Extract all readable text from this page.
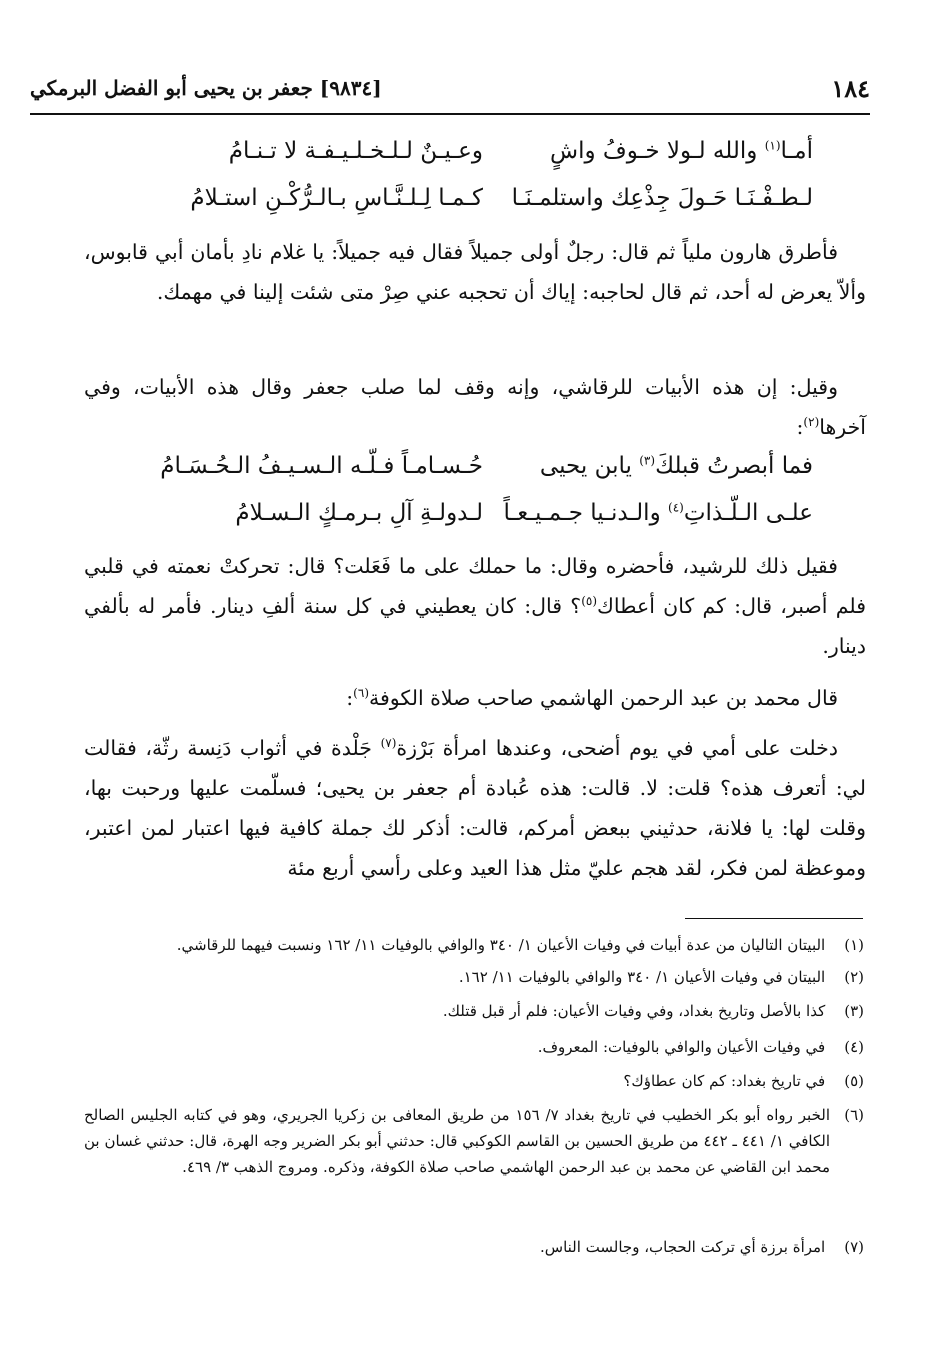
١٨٤
[٩٨٣٤] جعفر بن يحيى أبو الفضل البرمكي
أمـا$^{(١)}$ والله لـولا خـوفُ واشٍ
وعـيـنٌ لـلـخـلـيـفـة لا تـنـامُ
لـطـفْـنَـا حَـولَ جِذْعِك واستلمـنَـا
كـمـا لِـلـنَّـاسِ بـالـرُّكْـنِ استـلامُ
فأطرق هارون ملياً ثم قال: رجلٌ أولى جميلاً فقال فيه جميلاً: يا غلام نادِ بأمان أبي قابوس، وألاّ يعرض له أحد، ثم قال لحاجبه: إياك أن تحجبه عني صِرْ متى شئت إلينا في مهمك.
وقيل: إن هذه الأبيات للرقاشي، وإنه وقف لما صلب جعفر وقال هذه الأبيات، وفي آخرها$^{(٢)}$:
فما أبصرتُ قبلكَ$^{(٣)}$ يابن يحيى
حُـسـامـاً فـلّـه الـسـيـفُ الـحُـسَـامُ
علـى الـلّـذاتِ$^{(٤)}$ والـدنـيا جـمـيـعـاً
لـدولـةِ آلِ بـرمـكٍ الـسـلامُ
فقيل ذلك للرشيد، فأحضره وقال: ما حملك على ما فَعَلت؟ قال: تحركتْ نعمته في قلبي فلم أصبر، قال: كم كان أعطاك$^{(٥)}$؟ قال: كان يعطيني في كل سنة ألفِ دينار. فأمر له بألفي دينار.
قال محمد بن عبد الرحمن الهاشمي صاحب صلاة الكوفة$^{(٦)}$:
دخلت على أمي في يوم أضحى، وعندها امرأة بَرْزة$^{(٧)}$ جَلْدة في أثواب دَنِسة رثّة، فقالت لي: أتعرف هذه؟ قلت: لا. قالت: هذه عُبادة أم جعفر بن يحيى؛ فسلّمت عليها ورحبت بها، وقلت لها: يا فلانة، حدثيني ببعض أمركم، قالت: أذكر لك جملة كافية فيها اعتبار لمن اعتبر، وموعظة لمن فكر، لقد هجم عليّ مثل هذا العيد وعلى رأسي أربع مئة
(١) البيتان التاليان من عدة أبيات في وفيات الأعيان ١/ ٣٤٠ والوافي بالوفيات ١١/ ١٦٢ ونسبت فيهما للرقاشي.
(٢) البيتان في وفيات الأعيان ١/ ٣٤٠ والوافي بالوفيات ١١/ ١٦٢.
(٣) كذا بالأصل وتاريخ بغداد، وفي وفيات الأعيان: فلم أر قبل قتلك.
(٤) في وفيات الأعيان والوافي بالوفيات: المعروف.
(٥) في تاريخ بغداد: كم كان عطاؤك؟
(٦)
الخبر رواه أبو بكر الخطيب في تاريخ بغداد ٧/ ١٥٦ من طريق المعافى بن زكريا الجريري، وهو في كتابه الجليس الصالح الكافي ١/ ٤٤١ ـ ٤٤٢ من طريق الحسين بن القاسم الكوكبي قال: حدثني أبو بكر الضرير وجه الهرة، قال: حدثني غسان بن محمد ابن القاضي عن محمد بن عبد الرحمن الهاشمي صاحب صلاة الكوفة، وذكره. ومروج الذهب ٣/ ٤٦٩.
(٧) امرأة برزة أي تركت الحجاب، وجالست الناس.
